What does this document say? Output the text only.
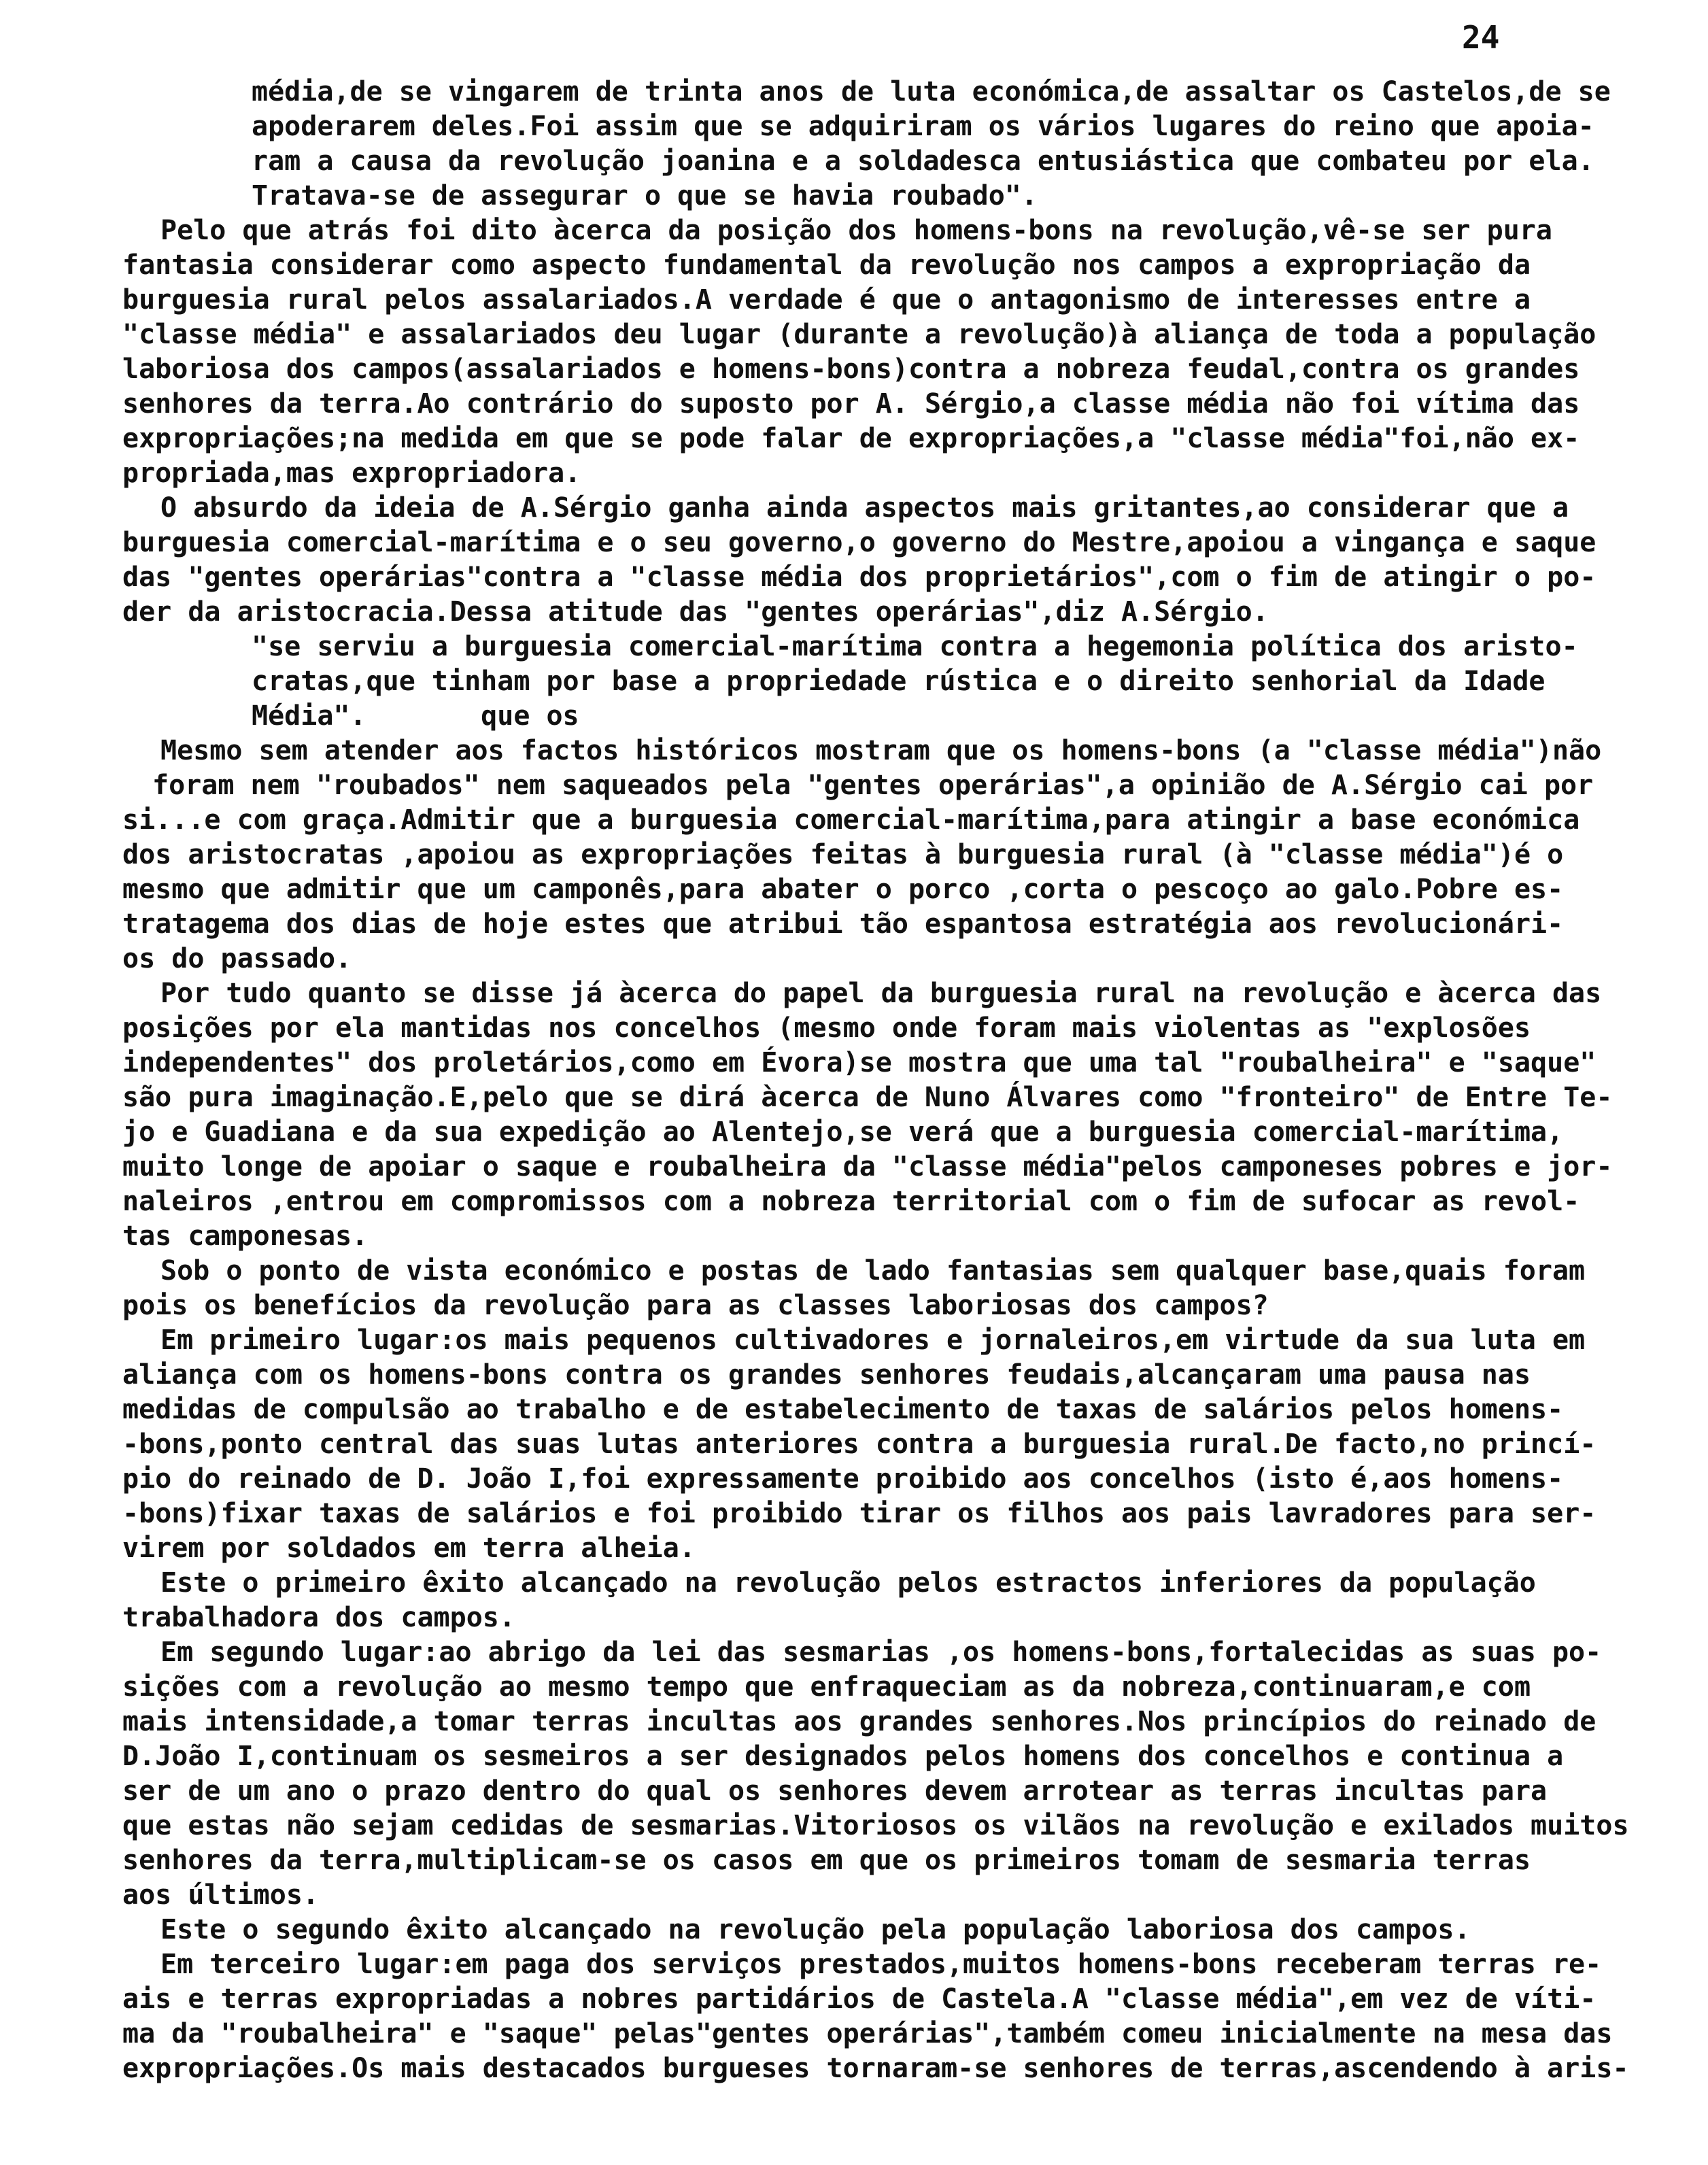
24
média,de se vingarem de trinta anos de luta económica,de assaltar os Castelos,de se
apoderarem deles.Foi assim que se adquiriram os vários lugares do reino que apoia-
ram a causa da revolução joanina e a soldadesca entusiástica que combateu por ela.
Tratava-se de assegurar o que se havia roubado".
Pelo que atrás foi dito àcerca da posição dos homens-bons na revolução,vê-se ser pura
fantasia considerar como aspecto fundamental da revolução nos campos a expropriação da
burguesia rural pelos assalariados.A verdade é que o antagonismo de interesses entre a
"classe média" e assalariados deu lugar (durante a revolução)à aliança de toda a população
laboriosa dos campos(assalariados e homens-bons)contra a nobreza feudal,contra os grandes
senhores da terra.Ao contrário do suposto por A. Sérgio,a classe média não foi vítima das
expropriações;na medida em que se pode falar de expropriações,a "classe média"foi,não ex-
propriada,mas expropriadora.
O absurdo da ideia de A.Sérgio ganha ainda aspectos mais gritantes,ao considerar que a
burguesia comercial-marítima e o seu governo,o governo do Mestre,apoiou a vingança e saque
das "gentes operárias"contra a "classe média dos proprietários",com o fim de atingir o po-
der da aristocracia.Dessa atitude das "gentes operárias",diz A.Sérgio.
"se serviu a burguesia comercial-marítima contra a hegemonia política dos aristo-
cratas,que tinham por base a propriedade rústica e o direito senhorial da Idade
Média".       que os
Mesmo sem atender aos factos históricos mostram que os homens-bons (a "classe média")não
foram nem "roubados" nem saqueados pela "gentes operárias",a opinião de A.Sérgio cai por
si...e com graça.Admitir que a burguesia comercial-marítima,para atingir a base económica
dos aristocratas ,apoiou as expropriações feitas à burguesia rural (à "classe média")é o
mesmo que admitir que um camponês,para abater o porco ,corta o pescoço ao galo.Pobre es-
tratagema dos dias de hoje estes que atribui tão espantosa estratégia aos revolucionári-
os do passado.
Por tudo quanto se disse já àcerca do papel da burguesia rural na revolução e àcerca das
posições por ela mantidas nos concelhos (mesmo onde foram mais violentas as "explosões
independentes" dos proletários,como em Évora)se mostra que uma tal "roubalheira" e "saque"
são pura imaginação.E,pelo que se dirá àcerca de Nuno Álvares como "fronteiro" de Entre Te-
jo e Guadiana e da sua expedição ao Alentejo,se verá que a burguesia comercial-marítima,
muito longe de apoiar o saque e roubalheira da "classe média"pelos camponeses pobres e jor-
naleiros ,entrou em compromissos com a nobreza territorial com o fim de sufocar as revol-
tas camponesas.
Sob o ponto de vista económico e postas de lado fantasias sem qualquer base,quais foram
pois os benefícios da revolução para as classes laboriosas dos campos?
Em primeiro lugar:os mais pequenos cultivadores e jornaleiros,em virtude da sua luta em
aliança com os homens-bons contra os grandes senhores feudais,alcançaram uma pausa nas
medidas de compulsão ao trabalho e de estabelecimento de taxas de salários pelos homens-
-bons,ponto central das suas lutas anteriores contra a burguesia rural.De facto,no princí-
pio do reinado de D. João I,foi expressamente proibido aos concelhos (isto é,aos homens-
-bons)fixar taxas de salários e foi proibido tirar os filhos aos pais lavradores para ser-
virem por soldados em terra alheia.
Este o primeiro êxito alcançado na revolução pelos estractos inferiores da população
trabalhadora dos campos.
Em segundo lugar:ao abrigo da lei das sesmarias ,os homens-bons,fortalecidas as suas po-
sições com a revolução ao mesmo tempo que enfraqueciam as da nobreza,continuaram,e com
mais intensidade,a tomar terras incultas aos grandes senhores.Nos princípios do reinado de
D.João I,continuam os sesmeiros a ser designados pelos homens dos concelhos e continua a
ser de um ano o prazo dentro do qual os senhores devem arrotear as terras incultas para
que estas não sejam cedidas de sesmarias.Vitoriosos os vilãos na revolução e exilados muitos
senhores da terra,multiplicam-se os casos em que os primeiros tomam de sesmaria terras
aos últimos.
Este o segundo êxito alcançado na revolução pela população laboriosa dos campos.
Em terceiro lugar:em paga dos serviços prestados,muitos homens-bons receberam terras re-
ais e terras expropriadas a nobres partidários de Castela.A "classe média",em vez de víti-
ma da "roubalheira" e "saque" pelas"gentes operárias",também comeu inicialmente na mesa das
expropriações.Os mais destacados burgueses tornaram-se senhores de terras,ascendendo à aris-
